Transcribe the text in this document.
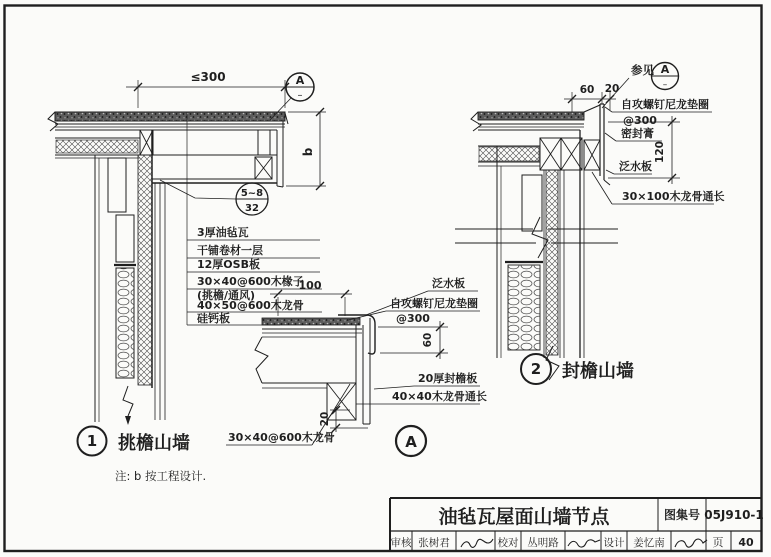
≤300	A
–
b
5~8
32
3厚油毡瓦
干铺卷材一层
12厚OSB板
30×40@600木椽子
(挑檐/通风)
40×50@600木龙骨
硅钙板
1 挑檐山墙
注: b 按工程设计.
100	泛水板
自攻螺钉尼龙垫圈
@300
60
20厚封檐板
40×40木龙骨通长
30×40@600木龙骨
20
A
60 20
参见 A
–
自攻螺钉尼龙垫圈
@300
密封膏
120
泛水板
30×100木龙骨通长
2 封檐山墙
油毡瓦屋面山墙节点	图集号 05J910-1
审核 张树君	校对 丛明路	设计 姜忆南	页 40
